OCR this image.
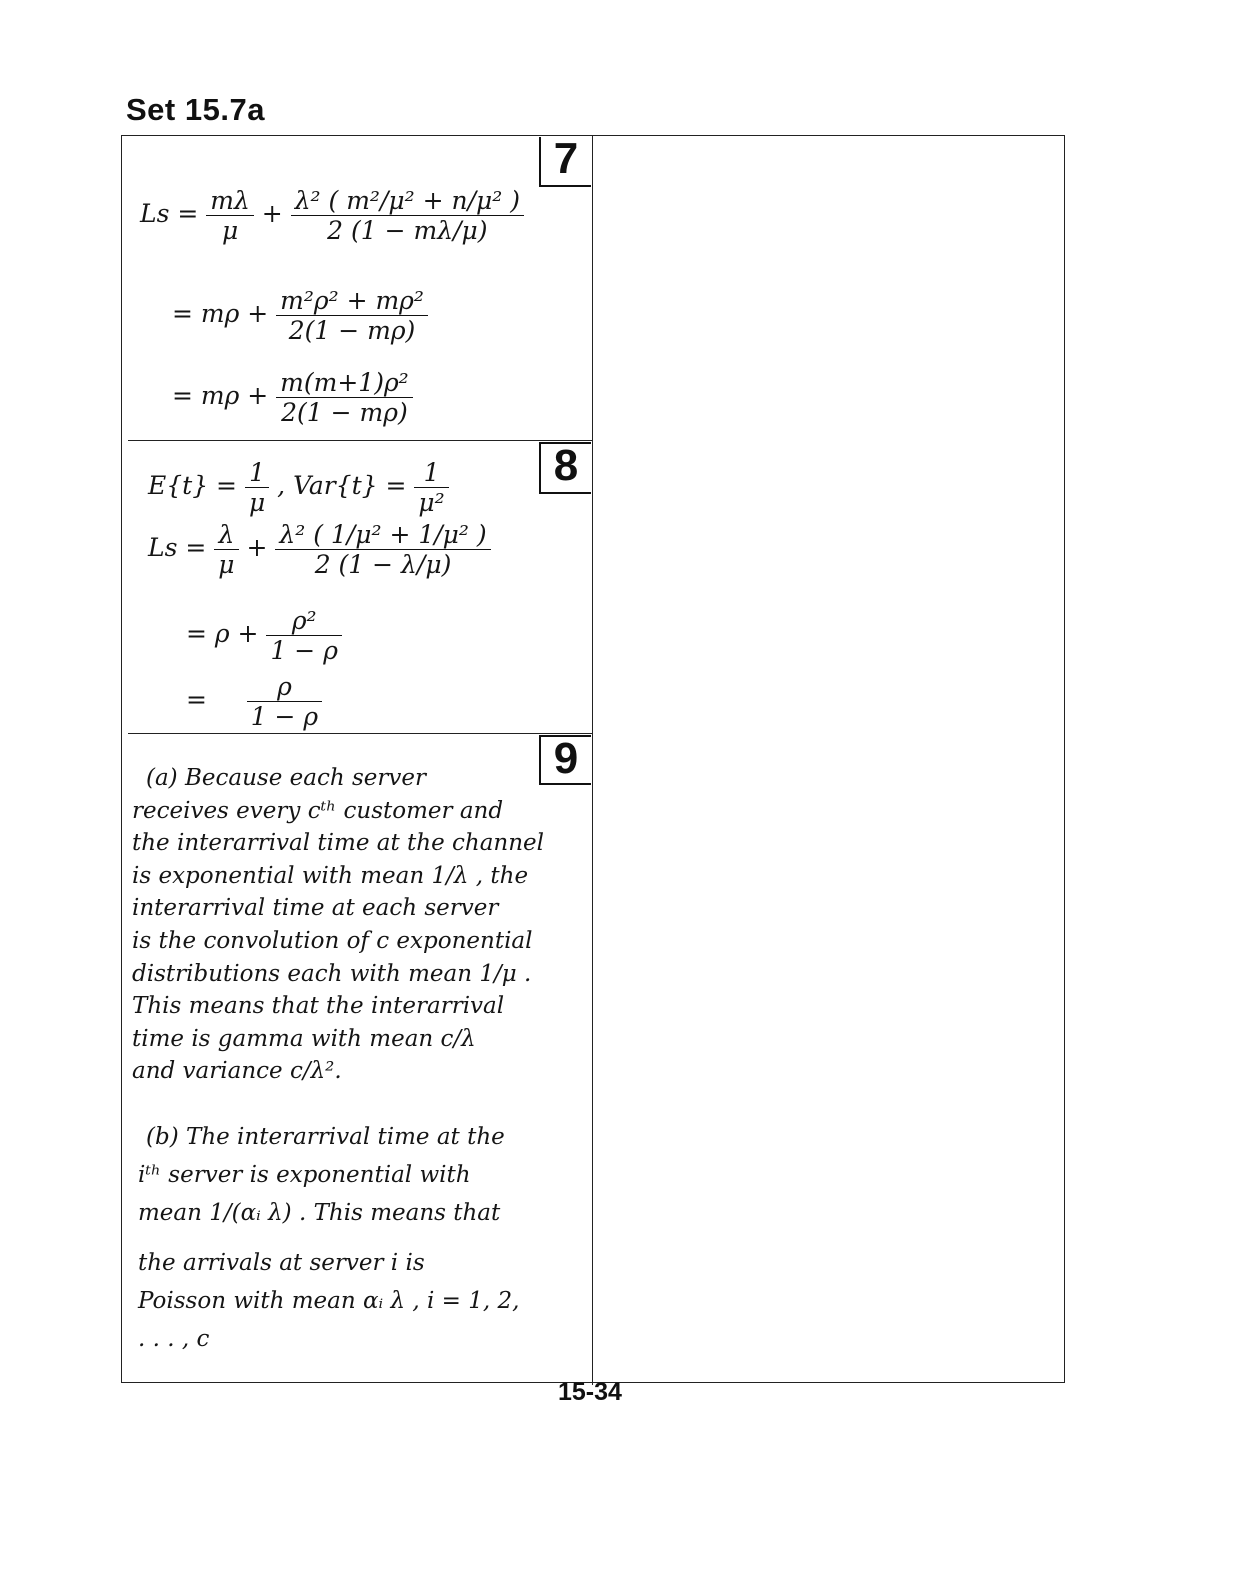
Set 15.7a
7
$Ls = \frac{m\lambda}{\mu} + \frac{\text{λ² ( m²/μ² + n/μ² )}}{2 (1 - m\lambda/\mu)}$
= $m\rho + \frac{\text{m²ρ² + mρ²}}{2(1 - m\rho)}$
= $m\rho + \frac{\text{m(m+1)ρ²}}{2(1 - m\rho)}$
8
$E\{t\} = \frac{1}{\mu}$ , $Var\{t\} = \frac{1}{\text{μ²}}$
$Ls = \frac{\lambda}{\mu} + \frac{\text{λ² ( 1/μ² + 1/μ² )}}{2 (1 - \lambda/\mu)}$
= $\rho + \frac{\text{ρ²}}{1 - \rho}$
= $\frac{\rho}{1 - \rho}$
9
(a) Because each server
receives every cᵗʰ customer and
the interarrival time at the channel
is exponential with mean 1/λ , the
interarrival time at each server
is the convolution of c exponential
distributions each with mean 1/μ .
This means that the interarrival
time is gamma with mean c/λ
and variance c/λ².
(b) The interarrival time at the
iᵗʰ server is exponential with
mean 1/(αᵢ λ) . This means that
the arrivals at server i is
Poisson with mean αᵢ λ , i = 1, 2,
. . . , c
15-34
